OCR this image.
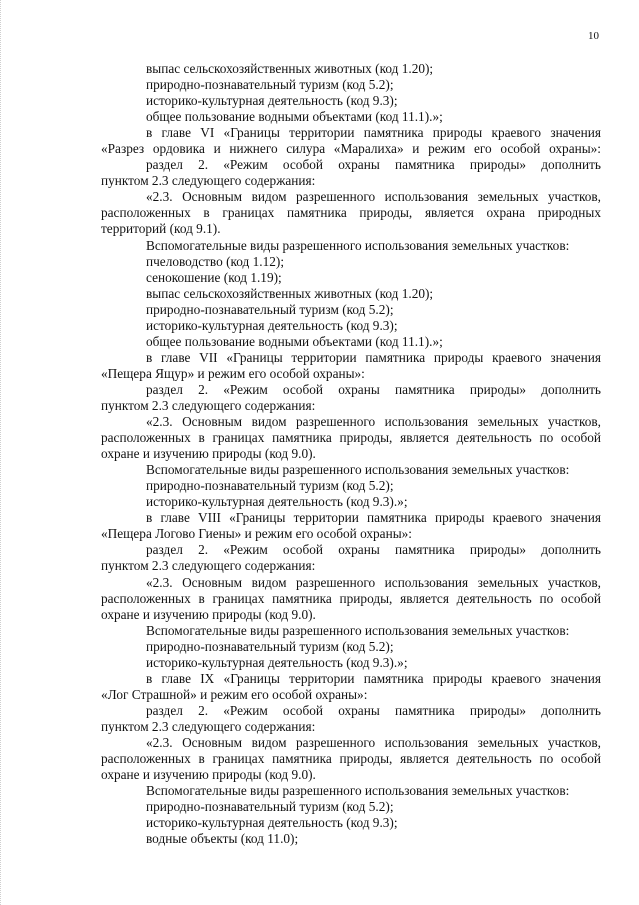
10
выпас сельскохозяйственных животных (код 1.20);
природно-познавательный туризм (код 5.2);
историко-культурная деятельность (код 9.3);
общее пользование водными объектами (код 11.1).»;
в главе VI «Границы территории памятника природы краевого значения
«Разрез ордовика и нижнего силура «Маралиха» и режим его особой охраны»:
раздел 2. «Режим особой охраны памятника природы» дополнить
пунктом 2.3 следующего содержания:
«2.3. Основным видом разрешенного использования земельных участков,
расположенных в границах памятника природы, является охрана природных
территорий (код 9.1).
Вспомогательные виды разрешенного использования земельных участков:
пчеловодство (код 1.12);
сенокошение (код 1.19);
выпас сельскохозяйственных животных (код 1.20);
природно-познавательный туризм (код 5.2);
историко-культурная деятельность (код 9.3);
общее пользование водными объектами (код 11.1).»;
в главе VII «Границы территории памятника природы краевого значения
«Пещера Ящур» и режим его особой охраны»:
раздел 2. «Режим особой охраны памятника природы» дополнить
пунктом 2.3 следующего содержания:
«2.3. Основным видом разрешенного использования земельных участков,
расположенных в границах памятника природы, является деятельность по особой
охране и изучению природы (код 9.0).
Вспомогательные виды разрешенного использования земельных участков:
природно-познавательный туризм (код 5.2);
историко-культурная деятельность (код 9.3).»;
в главе VIII «Границы территории памятника природы краевого значения
«Пещера Логово Гиены» и режим его особой охраны»:
раздел 2. «Режим особой охраны памятника природы» дополнить
пунктом 2.3 следующего содержания:
«2.3. Основным видом разрешенного использования земельных участков,
расположенных в границах памятника природы, является деятельность по особой
охране и изучению природы (код 9.0).
Вспомогательные виды разрешенного использования земельных участков:
природно-познавательный туризм (код 5.2);
историко-культурная деятельность (код 9.3).»;
в главе IX «Границы территории памятника природы краевого значения
«Лог Страшной» и режим его особой охраны»:
раздел 2. «Режим особой охраны памятника природы» дополнить
пунктом 2.3 следующего содержания:
«2.3. Основным видом разрешенного использования земельных участков,
расположенных в границах памятника природы, является деятельность по особой
охране и изучению природы (код 9.0).
Вспомогательные виды разрешенного использования земельных участков:
природно-познавательный туризм (код 5.2);
историко-культурная деятельность (код 9.3);
водные объекты (код 11.0);
